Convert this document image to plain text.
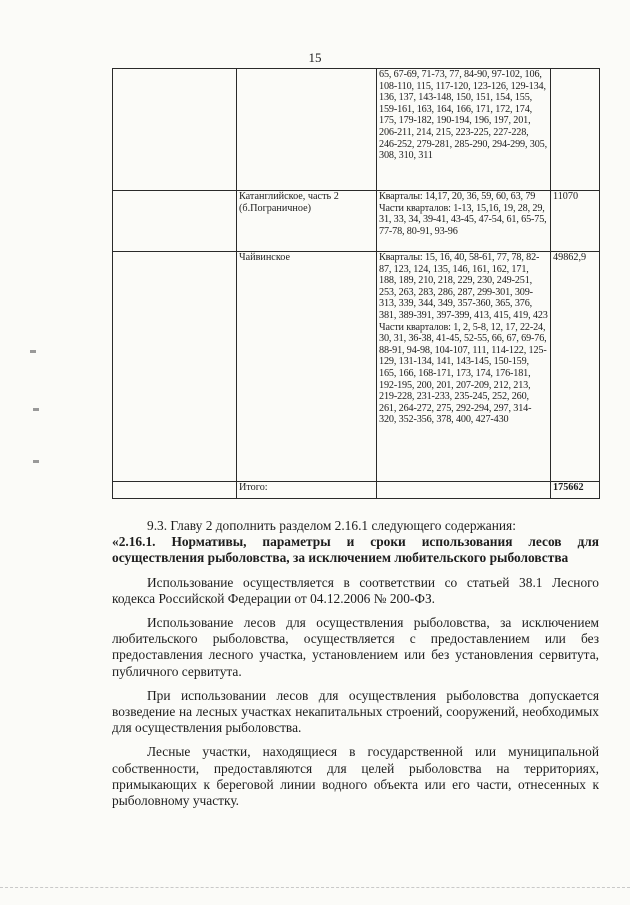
15
		65, 67-69, 71-73, 77, 84-90, 97-102, 106, 108-110, 115, 117-120, 123-126, 129-134, 136, 137, 143-148, 150, 151, 154, 155, 159-161, 163, 164, 166, 171, 172, 174, 175, 179-182, 190-194, 196, 197, 201, 206-211, 214, 215, 223-225, 227-228, 246-252, 279-281, 285-290, 294-299, 305, 308, 310, 311	
	Катанглийское, часть 2 (б.Пограничное)	Кварталы: 14,17, 20, 36, 59, 60, 63, 79
Части кварталов: 1-13, 15,16, 19, 28, 29, 31, 33, 34, 39-41, 43-45, 47-54, 61, 65-75, 77-78, 80-91, 93-96	11070
	Чайвинское	Кварталы: 15, 16, 40, 58-61, 77, 78, 82-87, 123, 124, 135, 146, 161, 162, 171, 188, 189, 210, 218, 229, 230, 249-251, 253, 263, 283, 286, 287, 299-301, 309-313, 339, 344, 349, 357-360, 365, 376, 381, 389-391, 397-399, 413, 415, 419, 423
Части кварталов: 1, 2, 5-8, 12, 17, 22-24, 30, 31, 36-38, 41-45, 52-55, 66, 67, 69-76, 88-91, 94-98, 104-107, 111, 114-122, 125-129, 131-134, 141, 143-145, 150-159, 165, 166, 168-171, 173, 174, 176-181, 192-195, 200, 201, 207-209, 212, 213, 219-228, 231-233, 235-245, 252, 260, 261, 264-272, 275, 292-294, 297, 314-320, 352-356, 378, 400, 427-430	49862,9
	Итого:		175662

9.3. Главу 2 дополнить разделом 2.16.1 следующего содержания:

«2.16.1. Нормативы, параметры и сроки использования лесов для осуществления рыболовства, за исключением любительского рыболовства

Использование осуществляется в соответствии со статьей 38.1 Лесного кодекса Российской Федерации от 04.12.2006 № 200-ФЗ.

Использование лесов для осуществления рыболовства, за исключением любительского рыболовства, осуществляется с предоставлением или без предоставления лесного участка, установлением или без установления сервитута, публичного сервитута.

При использовании лесов для осуществления рыболовства допускается возведение на лесных участках некапитальных строений, сооружений, необходимых для осуществления рыболовства.

Лесные участки, находящиеся в государственной или муниципальной собственности, предоставляются для целей рыболовства на территориях, примыкающих к береговой линии водного объекта или его части, отнесенных к рыболовному участку.
